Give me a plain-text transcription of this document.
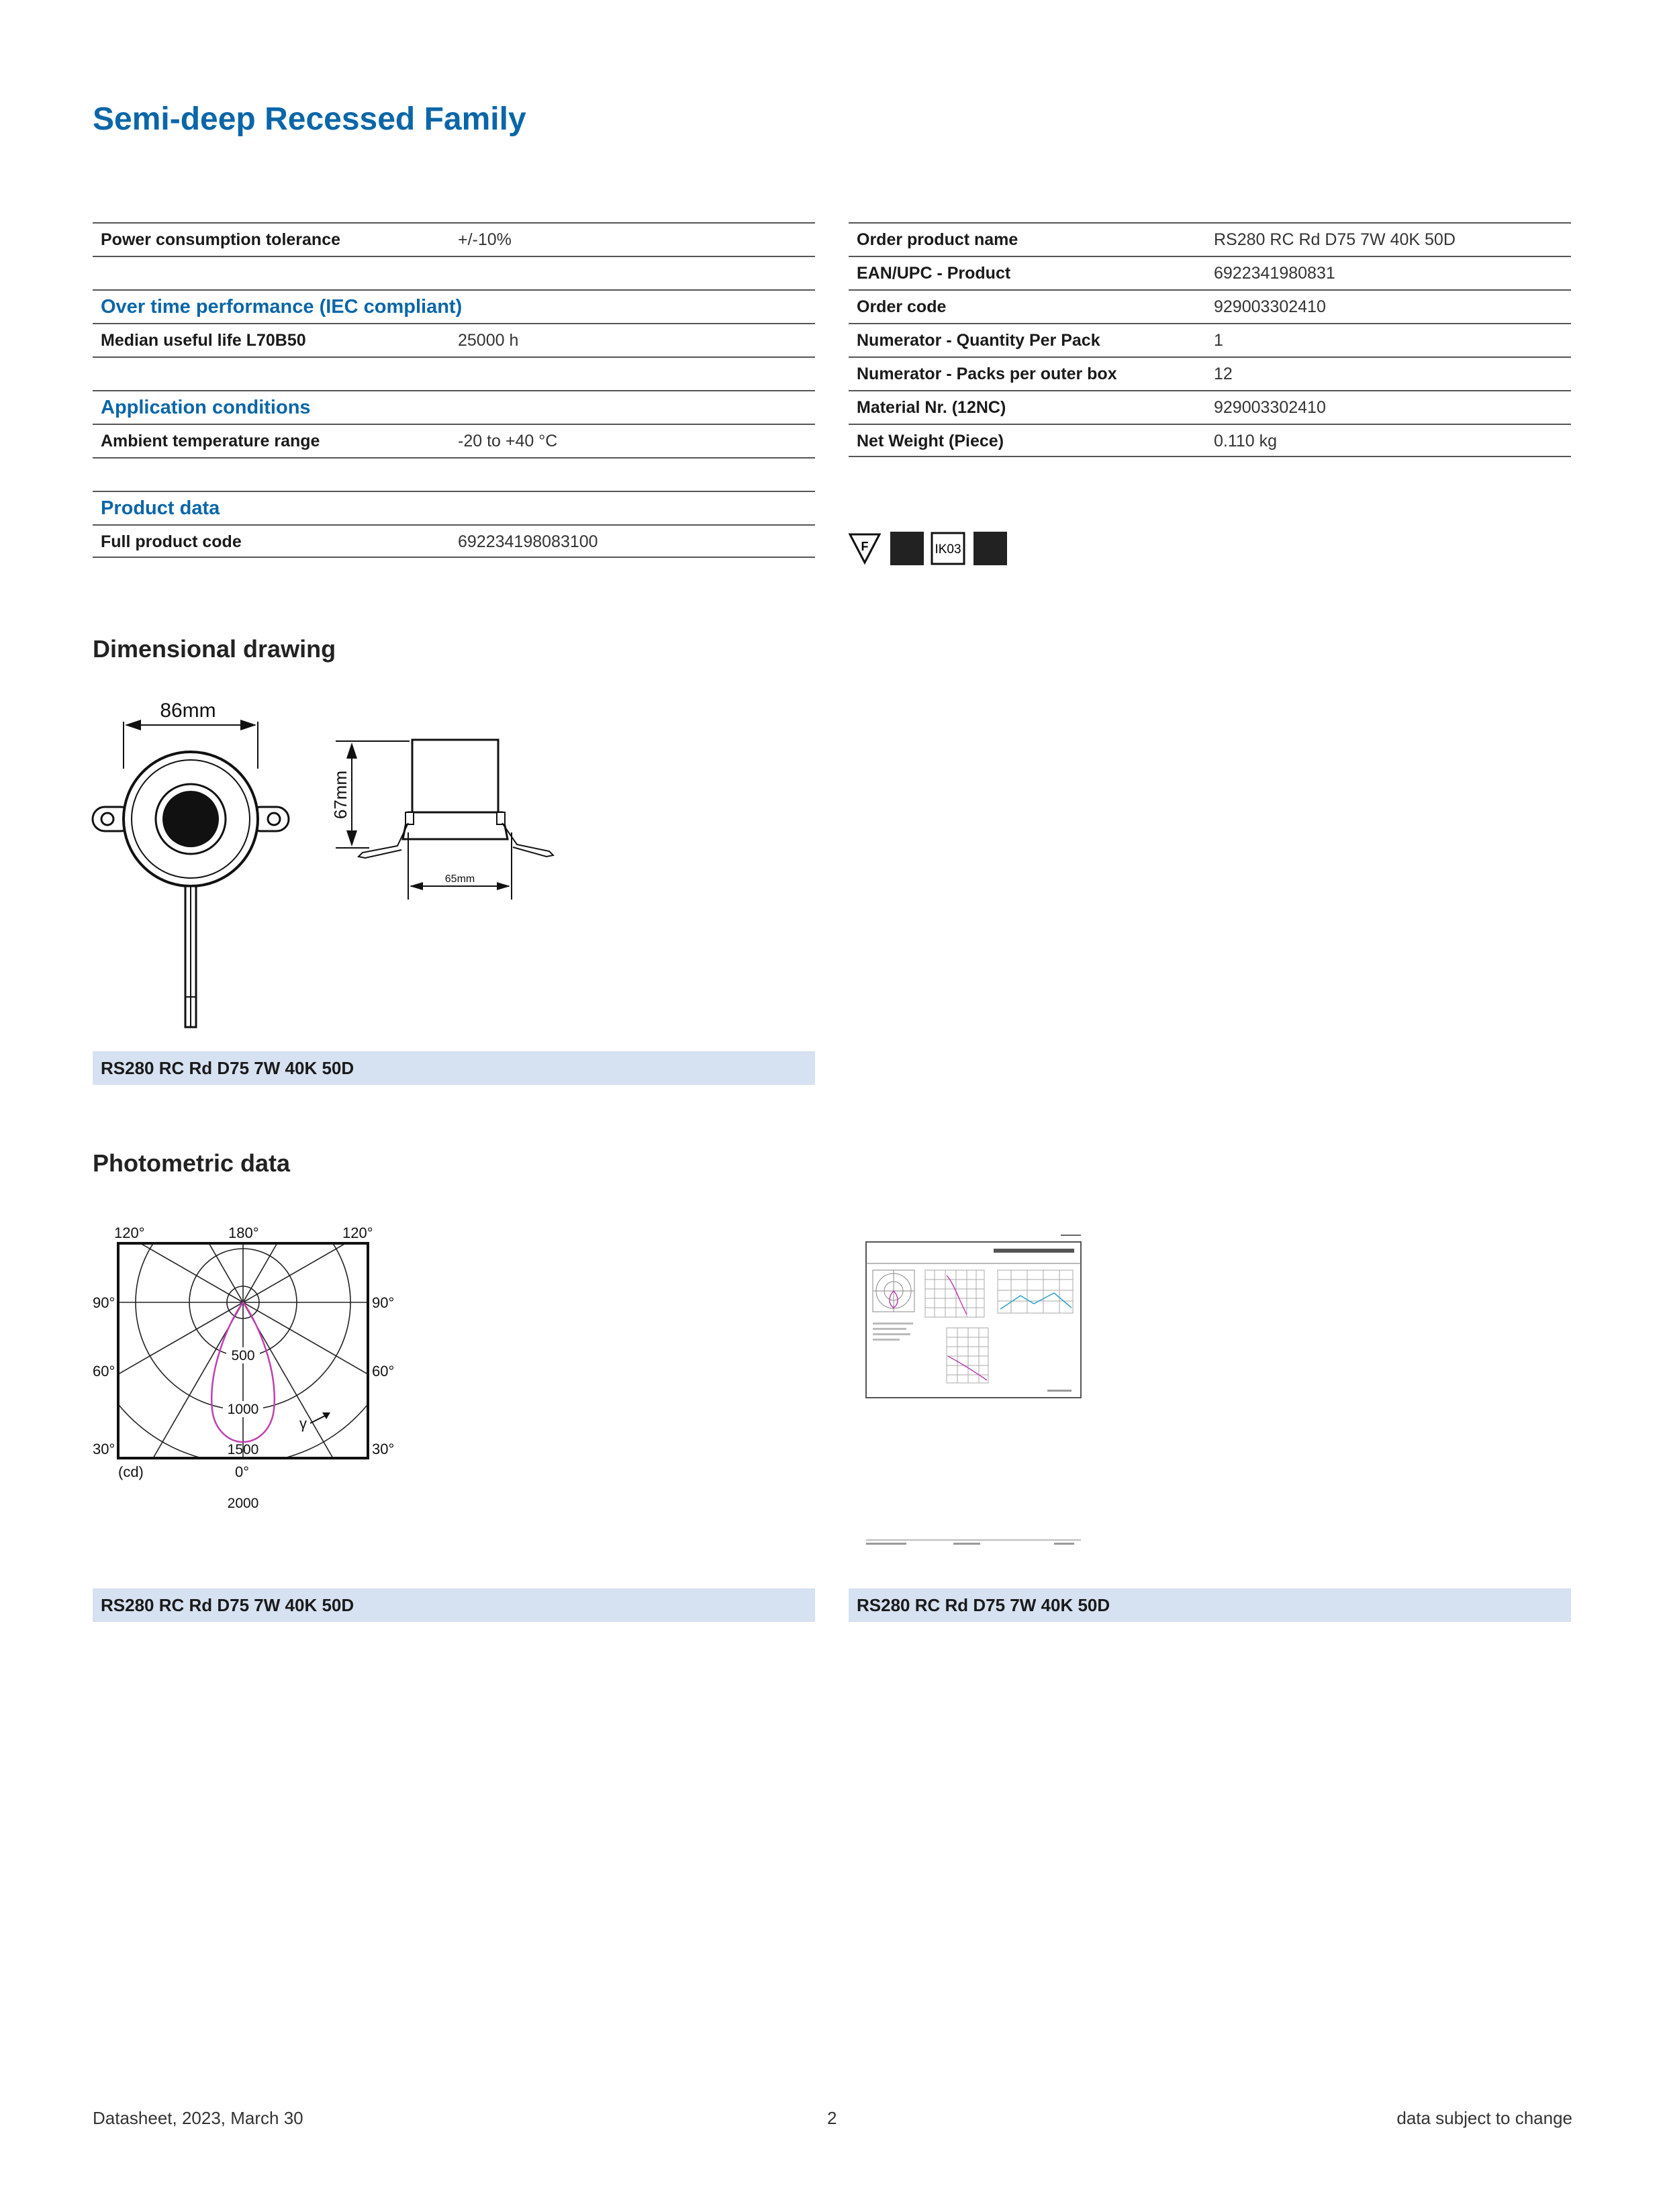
Semi-deep Recessed Family
Power consumption tolerance	+/-10%
Over time performance (IEC compliant)
Median useful life L70B50	25000 h
Application conditions
Ambient temperature range	-20 to +40 °C
Product data
Full product code	692234198083100
Order product name	RS280 RC Rd D75 7W 40K 50D
EAN/UPC - Product	6922341980831
Order code	929003302410
Numerator - Quantity Per Pack	1
Numerator - Packs per outer box	12
Material Nr. (12NC)	929003302410
Net Weight (Piece)	0.110 kg
F	IK03
Dimensional drawing
86mm
67mm
65mm
RS280 RC Rd D75 7W 40K 50D
Photometric data
120°	180°	120°
90°	90°
60°	60°
30°	30°
0°
(cd)
500
1000
1500
2000
γ
RS280 RC Rd D75 7W 40K 50D	RS280 RC Rd D75 7W 40K 50D
Datasheet, 2023, March 30	2	data subject to change
